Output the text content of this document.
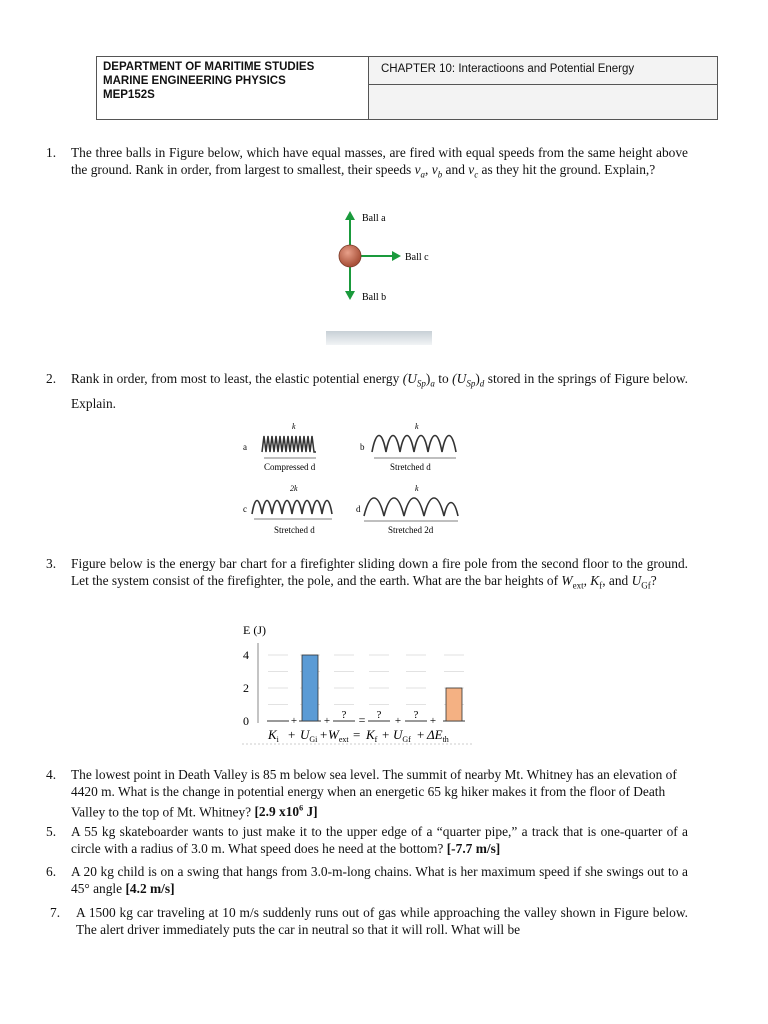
DEPARTMENT OF MARITIME STUDIES
MARINE ENGINEERING PHYSICS
MEP152S
CHAPTER 10: Interactioons and Potential Energy
1. The three balls in Figure below, which have equal masses, are fired with equal speeds from the same height above the ground. Rank in order, from largest to smallest, their speeds $v_a$, $v_b$ and $v_c$ as they hit the ground. Explain,?
Ball a
Ball b
Ball c
2. Rank in order, from most to least, the elastic potential energy $(U_{Sp})_a$ to $(U_{Sp})_d$ stored in the springs of Figure below. Explain.
a
k
Compressed d
b
k
Stretched d
c
2k
Stretched d
d
k
Stretched 2d
3. Figure below is the energy bar chart for a firefighter sliding down a fire pole from the second floor to the ground. Let the system consist of the firefighter, the pole, and the earth. What are the bar heights of $W_{ext}$, $K_f$, and $U_{Gf}$?
E (J)
4
2
0	+ +	+
+
=
?	?	?
$K_i + U_{Gi} + W_{ext} = K_f + U_{Gf} + \Delta E_{th}$
4. The lowest point in Death Valley is 85 m below sea level. The summit of nearby Mt. Whitney has an elevation of 4420 m. What is the change in potential energy when an energetic 65 kg hiker makes it from the floor of Death Valley to the top of Mt. Whitney? [2.9 $x10^6$ J]
5. A 55 kg skateboarder wants to just make it to the upper edge of a “quarter pipe,” a track that is one-quarter of a circle with a radius of 3.0 m. What speed does he need at the bottom? [-7.7 m/s]
6. A 20 kg child is on a swing that hangs from 3.0-m-long chains. What is her maximum speed if she swings out to a 45° angle [4.2 m/s]
7. A 1500 kg car traveling at 10 m/s suddenly runs out of gas while approaching the valley shown in Figure below. The alert driver immediately puts the car in neutral so that it will roll. What will be
